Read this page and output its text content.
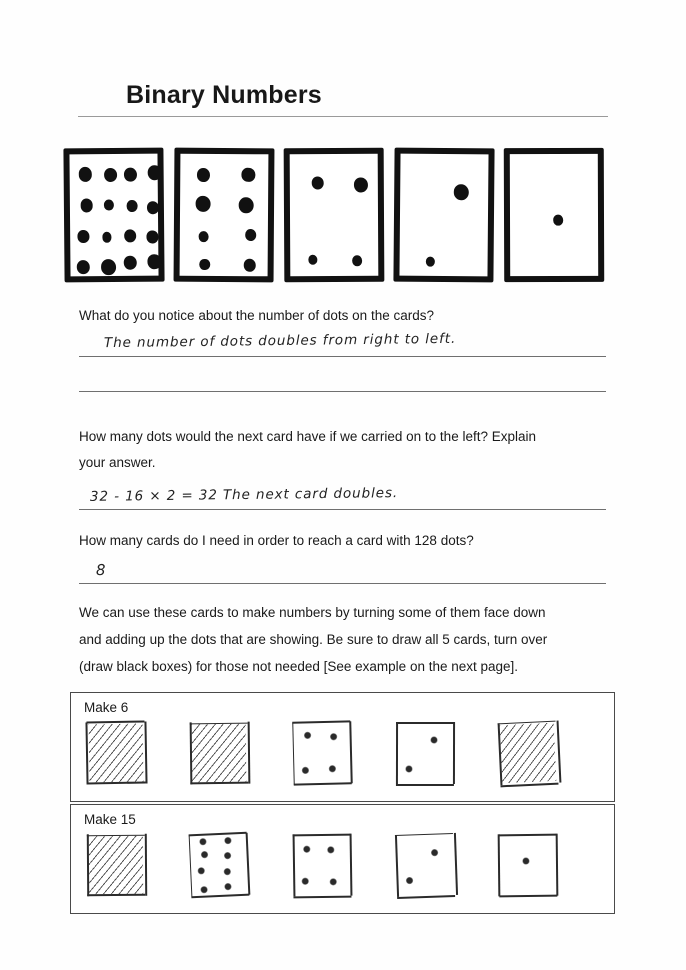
Binary Numbers
What do you notice about the number of dots on the cards?
The number of dots doubles from right to left.
How many dots would the next card have if we carried on to the left? Explain
your answer.
32 - 16 × 2 = 32 The next card doubles.
How many cards do I need in order to reach a card with 128 dots?
8
We can use these cards to make numbers by turning some of them face down
and adding up the dots that are showing. Be sure to draw all 5 cards, turn over
(draw black boxes) for those not needed [See example on the next page].
Make 6
Make 15
